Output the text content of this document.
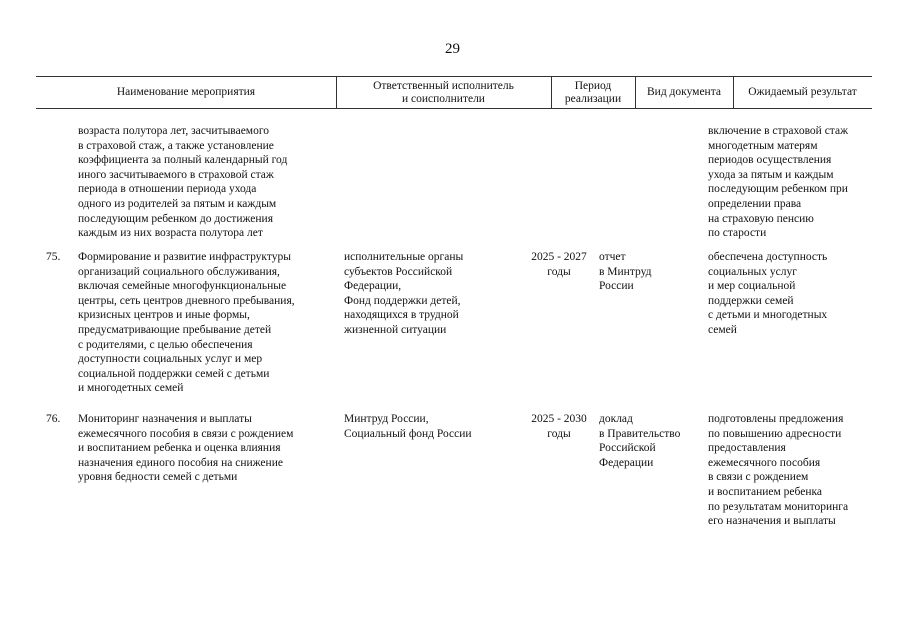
29
Наименование мероприятия
Ответственный исполнитель
и соисполнители
Период
реализации
Вид документа Ожидаемый результат
возраста полутора лет, засчитываемого
в страховой стаж, а также установление
коэффициента за полный календарный год
иного засчитываемого в страховой стаж
периода в отношении периода ухода
одного из родителей за пятым и каждым
последующим ребенком до достижения
каждым из них возраста полутора лет
включение в страховой стаж
многодетным матерям
периодов осуществления
ухода за пятым и каждым
последующим ребенком при
определении права
на страховую пенсию
по старости
75. Формирование и развитие инфраструктуры
организаций социального обслуживания,
включая семейные многофункциональные
центры, сеть центров дневного пребывания,
кризисных центров и иные формы,
предусматривающие пребывание детей
с родителями, с целью обеспечения
доступности социальных услуг и мер
социальной поддержки семей с детьми
и многодетных семей
исполнительные органы
субъектов Российской
Федерации,
Фонд поддержки детей,
находящихся в трудной
жизненной ситуации
2025 - 2027
годы
отчет
в Минтруд
России
обеспечена доступность
социальных услуг
и мер социальной
поддержки семей
с детьми и многодетных
семей
76. Мониторинг назначения и выплаты
ежемесячного пособия в связи с рождением
и воспитанием ребенка и оценка влияния
назначения единого пособия на снижение
уровня бедности семей с детьми
Минтруд России,
Социальный фонд России
2025 - 2030
годы
доклад
в Правительство
Российской
Федерации
подготовлены предложения
по повышению адресности
предоставления
ежемесячного пособия
в связи с рождением
и воспитанием ребенка
по результатам мониторинга
его назначения и выплаты
